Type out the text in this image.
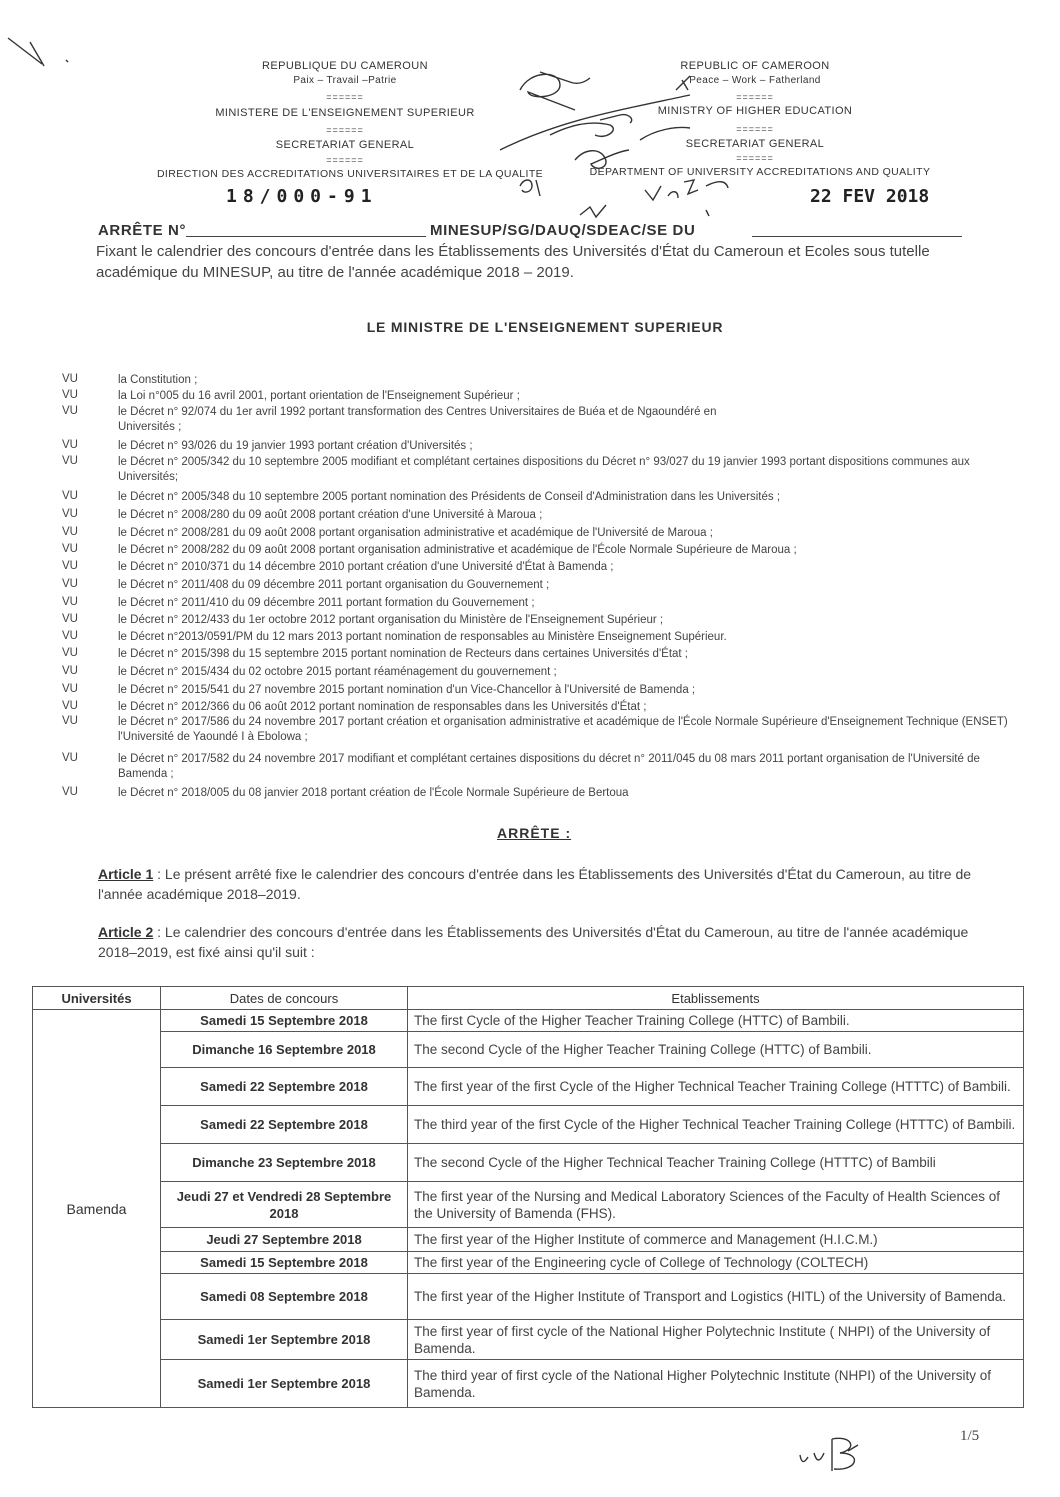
REPUBLIQUE DU CAMEROUN
Paix – Travail –Patrie
======
MINISTERE DE L'ENSEIGNEMENT SUPERIEUR
======
SECRETARIAT GENERAL
======
DIRECTION DES ACCREDITATIONS UNIVERSITAIRES ET DE LA QUALITE
REPUBLIC OF CAMEROON
Peace – Work – Fatherland
======
MINISTRY OF HIGHER EDUCATION
======
SECRETARIAT GENERAL
======
DEPARTMENT OF UNIVERSITY ACCREDITATIONS AND QUALITY
18/000-91	22 FEV 2018
ARRÊTE N°	MINESUP/SG/DAUQ/SDEAC/SE DU
Fixant le calendrier des concours d'entrée dans les Établissements des Universités d'État du Cameroun et Ecoles sous tutelle académique du MINESUP, au titre de l'année académique 2018 – 2019.
LE MINISTRE DE L'ENSEIGNEMENT SUPERIEUR
VU	la Constitution ;
VU	la Loi n°005 du 16 avril 2001, portant orientation de l'Enseignement Supérieur ;
VU	le Décret n° 92/074 du 1er avril 1992 portant transformation des Centres Universitaires de Buéa et de Ngaoundéré en Universités ;
VU	le Décret n° 93/026 du 19 janvier 1993 portant création d'Universités ;
VU	le Décret n° 2005/342 du 10 septembre 2005 modifiant et complétant certaines dispositions du Décret n° 93/027 du 19 janvier 1993 portant dispositions communes aux Universités;
VU	le Décret n° 2005/348 du 10 septembre 2005 portant nomination des Présidents de Conseil d'Administration dans les Universités ;
VU	le Décret n° 2008/280 du 09 août 2008 portant création d'une Université à Maroua ;
VU	le Décret n° 2008/281 du 09 août 2008 portant organisation administrative et académique de l'Université de Maroua ;
VU	le Décret n° 2008/282 du 09 août 2008 portant organisation administrative et académique de l'École Normale Supérieure de Maroua ;
VU	le Décret n° 2010/371 du 14 décembre 2010 portant création d'une Université d'État à Bamenda ;
VU	le Décret n° 2011/408 du 09 décembre 2011 portant organisation du Gouvernement ;
VU	le Décret n° 2011/410 du 09 décembre 2011 portant formation du Gouvernement ;
VU	le Décret n° 2012/433 du 1er octobre 2012 portant organisation du Ministère de l'Enseignement Supérieur ;
VU	le Décret n°2013/0591/PM du 12 mars 2013 portant nomination de responsables au Ministère Enseignement Supérieur.
VU	le Décret n° 2015/398 du 15 septembre 2015 portant nomination de Recteurs dans certaines Universités d'État ;
VU	le Décret n° 2015/434 du 02 octobre 2015 portant réaménagement du gouvernement ;
VU	le Décret n° 2015/541 du 27 novembre 2015 portant nomination d'un Vice-Chancellor à l'Université de Bamenda ;
VU	le Décret n° 2012/366 du 06 août 2012 portant nomination de responsables dans les Universités d'État ;
VU	le Décret n° 2017/586 du 24 novembre 2017 portant création et organisation administrative et académique de l'École Normale Supérieure d'Enseignement Technique (ENSET) l'Université de Yaoundé I à Ebolowa ;
VU	le Décret n° 2017/582 du 24 novembre 2017 modifiant et complétant certaines dispositions du décret n° 2011/045 du 08 mars 2011 portant organisation de l'Université de Bamenda ;
VU	le Décret n° 2018/005 du 08 janvier 2018 portant création de l'École Normale Supérieure de Bertoua
ARRÊTE :
Article 1 : Le présent arrêté fixe le calendrier des concours d'entrée dans les Établissements des Universités d'État du Cameroun, au titre de l'année académique 2018–2019.
Article 2 : Le calendrier des concours d'entrée dans les Établissements des Universités d'État du Cameroun, au titre de l'année académique 2018–2019, est fixé ainsi qu'il suit :
Universités	Dates de concours	Etablissements
Bamenda	Samedi 15 Septembre 2018	The first Cycle of the Higher Teacher Training College (HTTC) of Bambili.
	Dimanche 16 Septembre 2018	The second Cycle of the Higher Teacher Training College (HTTC) of Bambili.
	Samedi 22 Septembre 2018	The first year of the first Cycle of the Higher Technical Teacher Training College (HTTTC) of Bambili.
	Samedi 22 Septembre 2018	The third year of the first Cycle of the Higher Technical Teacher Training College (HTTTC) of Bambili.
	Dimanche 23 Septembre 2018	The second Cycle of the Higher Technical Teacher Training College (HTTTC) of Bambili
	Jeudi 27 et Vendredi 28 Septembre 2018	The first year of the Nursing and Medical Laboratory Sciences of the Faculty of Health Sciences of the University of Bamenda (FHS).
	Jeudi 27 Septembre 2018	The first year of the Higher Institute of commerce and Management (H.I.C.M.)
	Samedi 15 Septembre 2018	The first year of the Engineering cycle of College of Technology (COLTECH)
	Samedi 08 Septembre 2018	The first year of the Higher Institute of Transport and Logistics (HITL) of the University of Bamenda.
	Samedi 1er Septembre 2018	The first year of first cycle of the National Higher Polytechnic Institute ( NHPI) of the University of Bamenda.
	Samedi 1er Septembre 2018	The third year of first cycle of the National Higher Polytechnic Institute (NHPI) of the University of Bamenda.
1/5
